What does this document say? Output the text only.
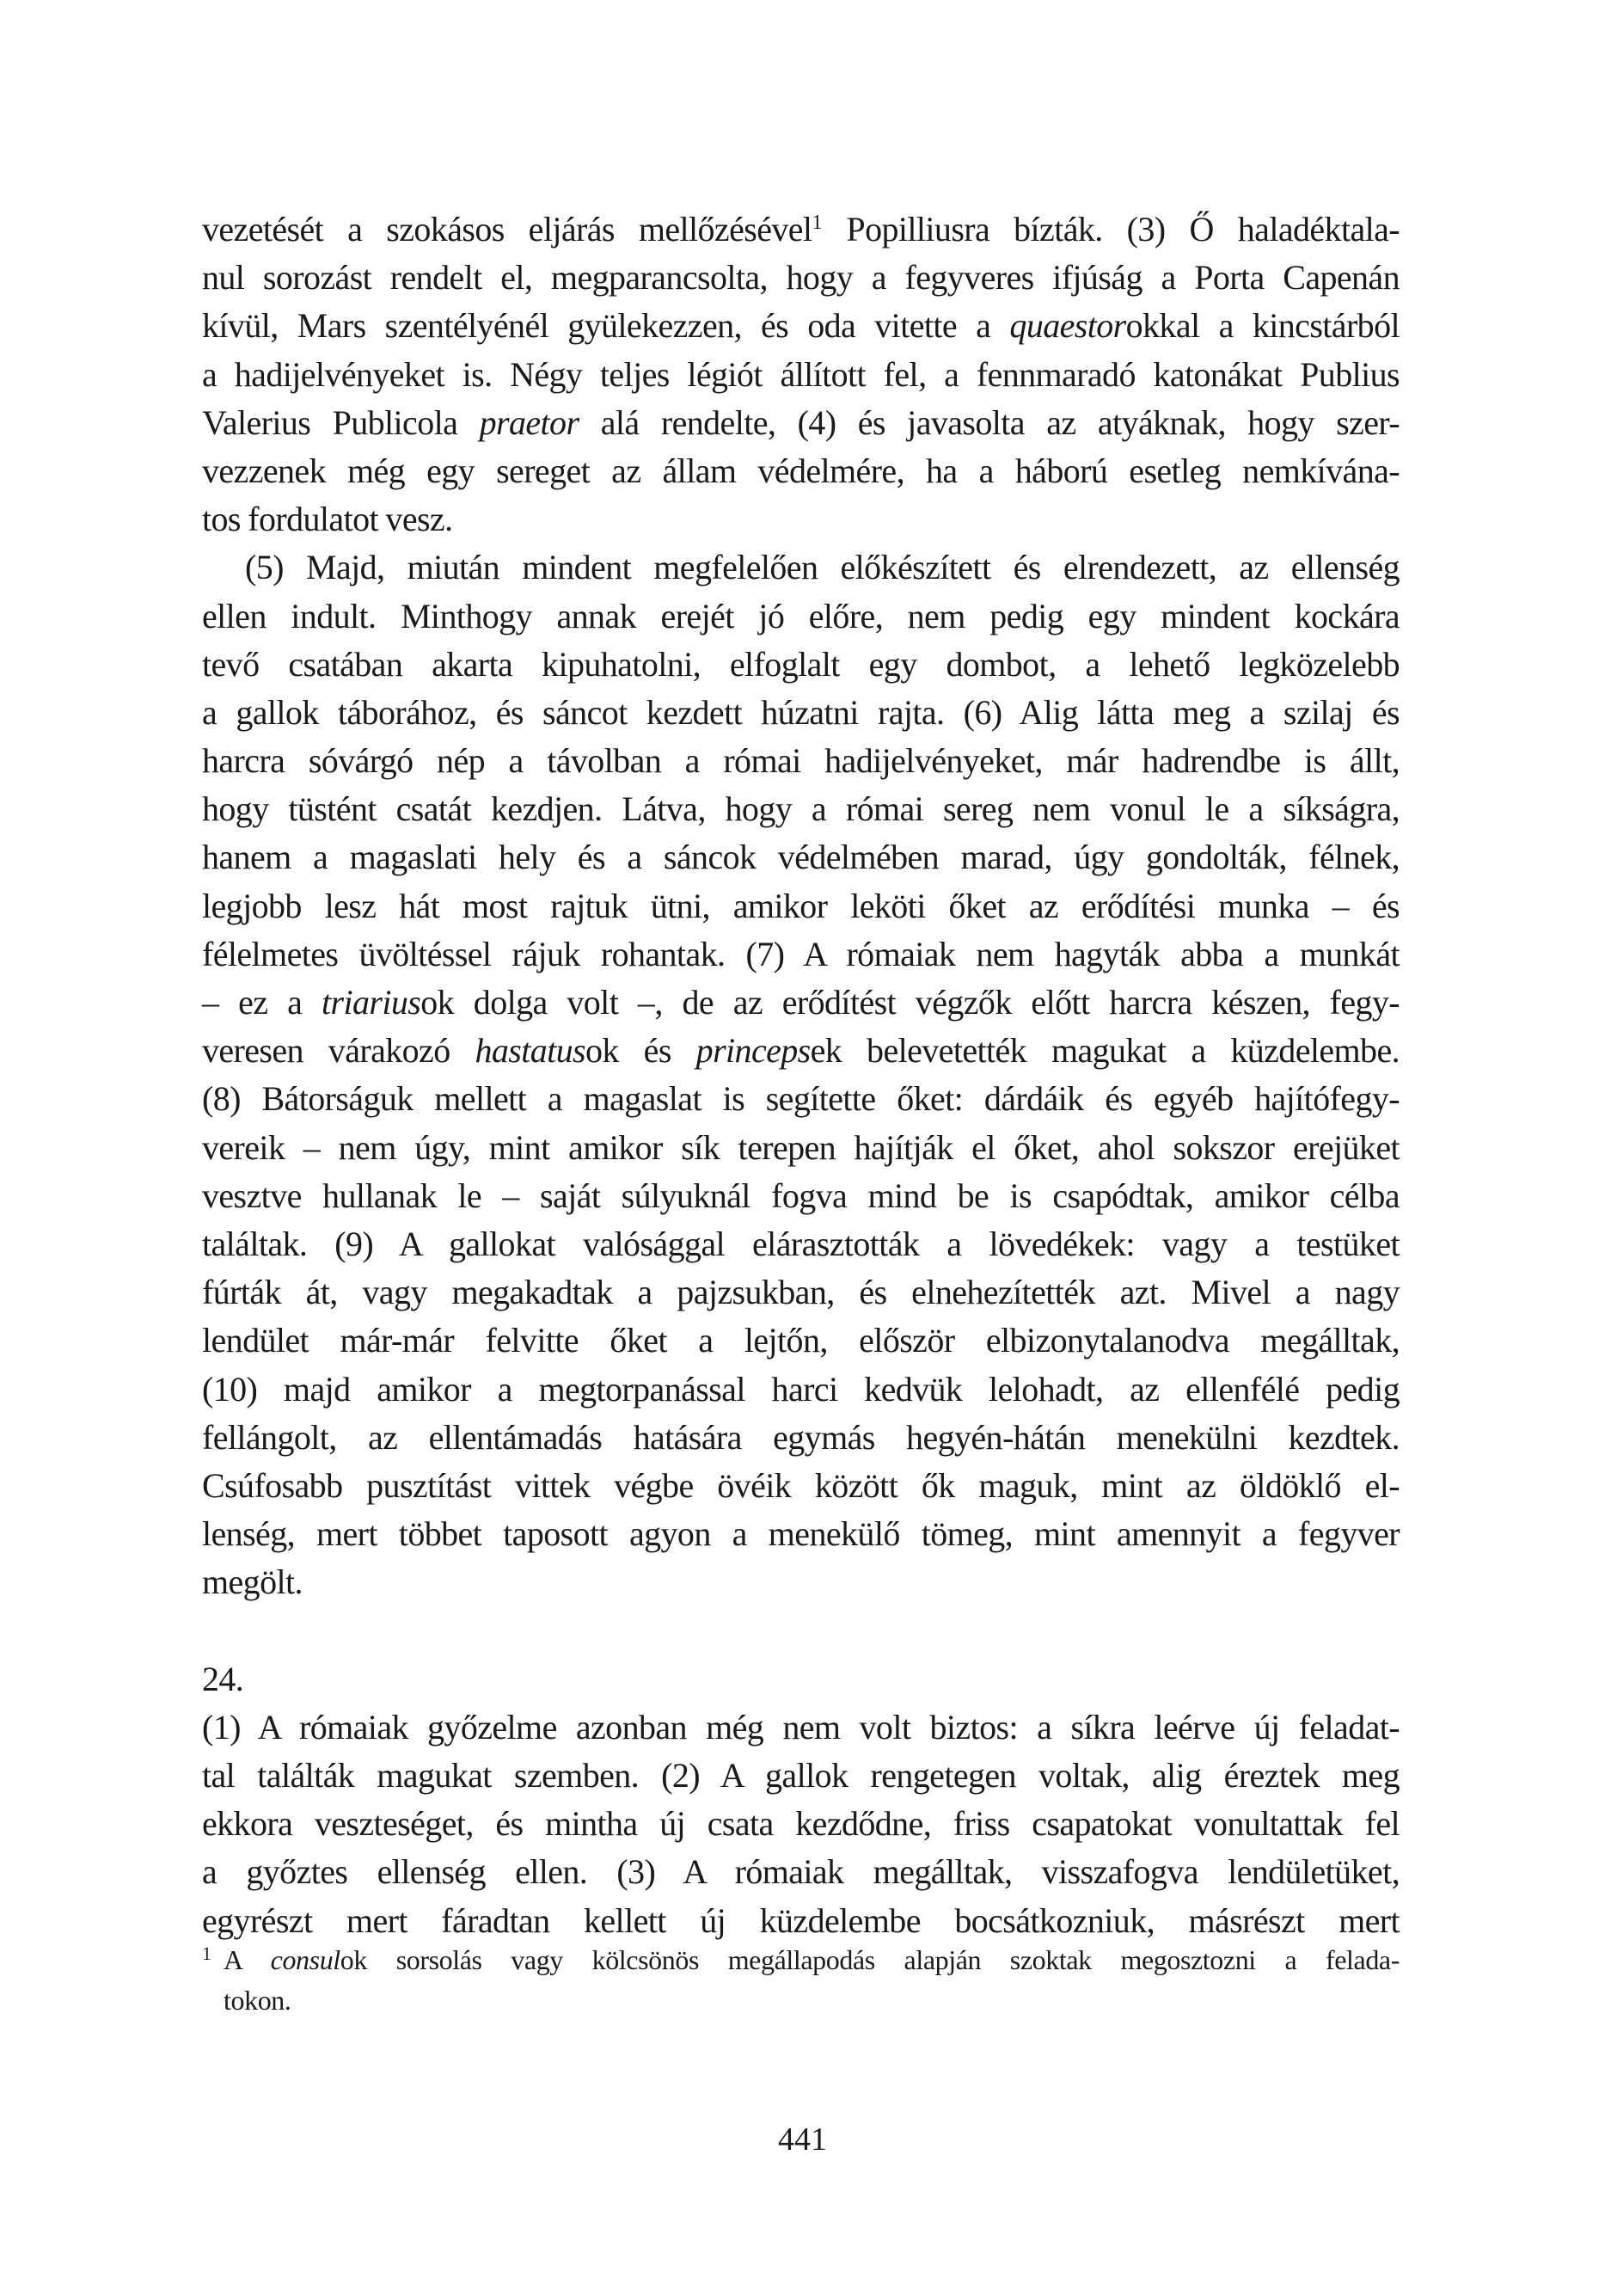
vezetését a szokásos eljárás mellőzésével$^1$ Popilliusra bízták. (3) Ő haladéktala-
nul sorozást rendelt el, megparancsolta, hogy a fegyveres ifjúság a Porta Capenán
kívül, Mars szentélyénél gyülekezzen, és oda vitette a quaestorokkal a kincstárból
a hadijelvényeket is. Négy teljes légiót állított fel, a fennmaradó katonákat Publius
Valerius Publicola praetor alá rendelte, (4) és javasolta az atyáknak, hogy szer-
vezzenek még egy sereget az állam védelmére, ha a háború esetleg nemkívána-
tos fordulatot vesz.
(5) Majd, miután mindent megfelelően előkészített és elrendezett, az ellenség
ellen indult. Minthogy annak erejét jó előre, nem pedig egy mindent kockára
tevő csatában akarta kipuhatolni, elfoglalt egy dombot, a lehető legközelebb
a gallok táborához, és sáncot kezdett húzatni rajta. (6) Alig látta meg a szilaj és
harcra sóvárgó nép a távolban a római hadijelvényeket, már hadrendbe is állt,
hogy tüstént csatát kezdjen. Látva, hogy a római sereg nem vonul le a síkságra,
hanem a magaslati hely és a sáncok védelmében marad, úgy gondolták, félnek,
legjobb lesz hát most rajtuk ütni, amikor leköti őket az erődítési munka – és
félelmetes üvöltéssel rájuk rohantak. (7) A rómaiak nem hagyták abba a munkát
– ez a triariusok dolga volt –, de az erődítést végzők előtt harcra készen, fegy-
veresen várakozó hastatusok és princepsek belevetették magukat a küzdelembe.
(8) Bátorságuk mellett a magaslat is segítette őket: dárdáik és egyéb hajítófegy-
vereik – nem úgy, mint amikor sík terepen hajítják el őket, ahol sokszor erejüket
vesztve hullanak le – saját súlyuknál fogva mind be is csapódtak, amikor célba
találtak. (9) A gallokat valósággal elárasztották a lövedékek: vagy a testüket
fúrták át, vagy megakadtak a pajzsukban, és elnehezítették azt. Mivel a nagy
lendület már-már felvitte őket a lejtőn, először elbizonytalanodva megálltak,
(10) majd amikor a megtorpanással harci kedvük lelohadt, az ellenfélé pedig
fellángolt, az ellentámadás hatására egymás hegyén-hátán menekülni kezdtek.
Csúfosabb pusztítást vittek végbe övéik között ők maguk, mint az öldöklő el-
lenség, mert többet taposott agyon a menekülő tömeg, mint amennyit a fegyver
megölt.
24.
(1) A rómaiak győzelme azonban még nem volt biztos: a síkra leérve új feladat-
tal találták magukat szemben. (2) A gallok rengetegen voltak, alig éreztek meg
ekkora veszteséget, és mintha új csata kezdődne, friss csapatokat vonultattak fel
a győztes ellenség ellen. (3) A rómaiak megálltak, visszafogva lendületüket,
egyrészt mert fáradtan kellett új küzdelembe bocsátkozniuk, másrészt mert
1 A consulok sorsolás vagy kölcsönös megállapodás alapján szoktak megosztozni a felada-
tokon.
441
